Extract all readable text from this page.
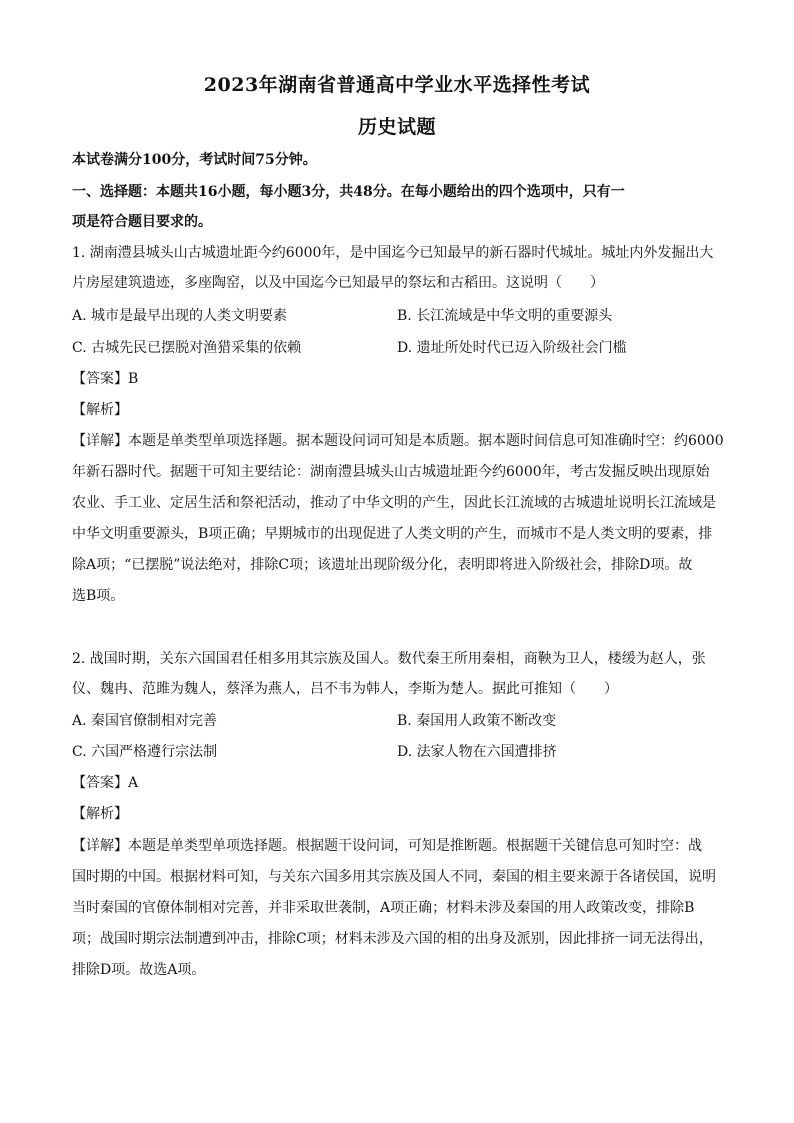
2023年湖南省普通高中学业水平选择性考试
历史试题
本试卷满分100分，考试时间75分钟。
一、选择题：本题共16小题，每小题3分，共48分。在每小题给出的四个选项中，只有一
项是符合题目要求的。
1. 湖南澧县城头山古城遗址距今约6000年，是中国迄今已知最早的新石器时代城址。城址内外发掘出大
片房屋建筑遗迹，多座陶窑，以及中国迄今已知最早的祭坛和古稻田。这说明（　　）
A. 城市是最早出现的人类文明要素	B. 长江流域是中华文明的重要源头
C. 古城先民已摆脱对渔猎采集的依赖	D. 遗址所处时代已迈入阶级社会门槛
【答案】B
【解析】
【详解】本题是单类型单项选择题。据本题设问词可知是本质题。据本题时间信息可知准确时空：约6000
年新石器时代。据题干可知主要结论：湖南澧县城头山古城遗址距今约6000年，考古发掘反映出现原始
农业、手工业、定居生活和祭祀活动，推动了中华文明的产生，因此长江流域的古城遗址说明长江流域是
中华文明重要源头，B项正确；早期城市的出现促进了人类文明的产生，而城市不是人类文明的要素，排
除A项；“已摆脱”说法绝对，排除C项；该遗址出现阶级分化，表明即将进入阶级社会，排除D项。故
选B项。
2. 战国时期，关东六国国君任相多用其宗族及国人。数代秦王所用秦相，商鞅为卫人，楼缓为赵人，张
仪、魏冉、范雎为魏人，蔡泽为燕人，吕不韦为韩人，李斯为楚人。据此可推知（　　）
A. 秦国官僚制相对完善	B. 秦国用人政策不断改变
C. 六国严格遵行宗法制	D. 法家人物在六国遭排挤
【答案】A
【解析】
【详解】本题是单类型单项选择题。根据题干设问词，可知是推断题。根据题干关键信息可知时空：战
国时期的中国。根据材料可知，与关东六国多用其宗族及国人不同，秦国的相主要来源于各诸侯国，说明
当时秦国的官僚体制相对完善，并非采取世袭制，A项正确；材料未涉及秦国的用人政策改变，排除B
项；战国时期宗法制遭到冲击，排除C项；材料未涉及六国的相的出身及派别，因此排挤一词无法得出，
排除D项。故选A项。
